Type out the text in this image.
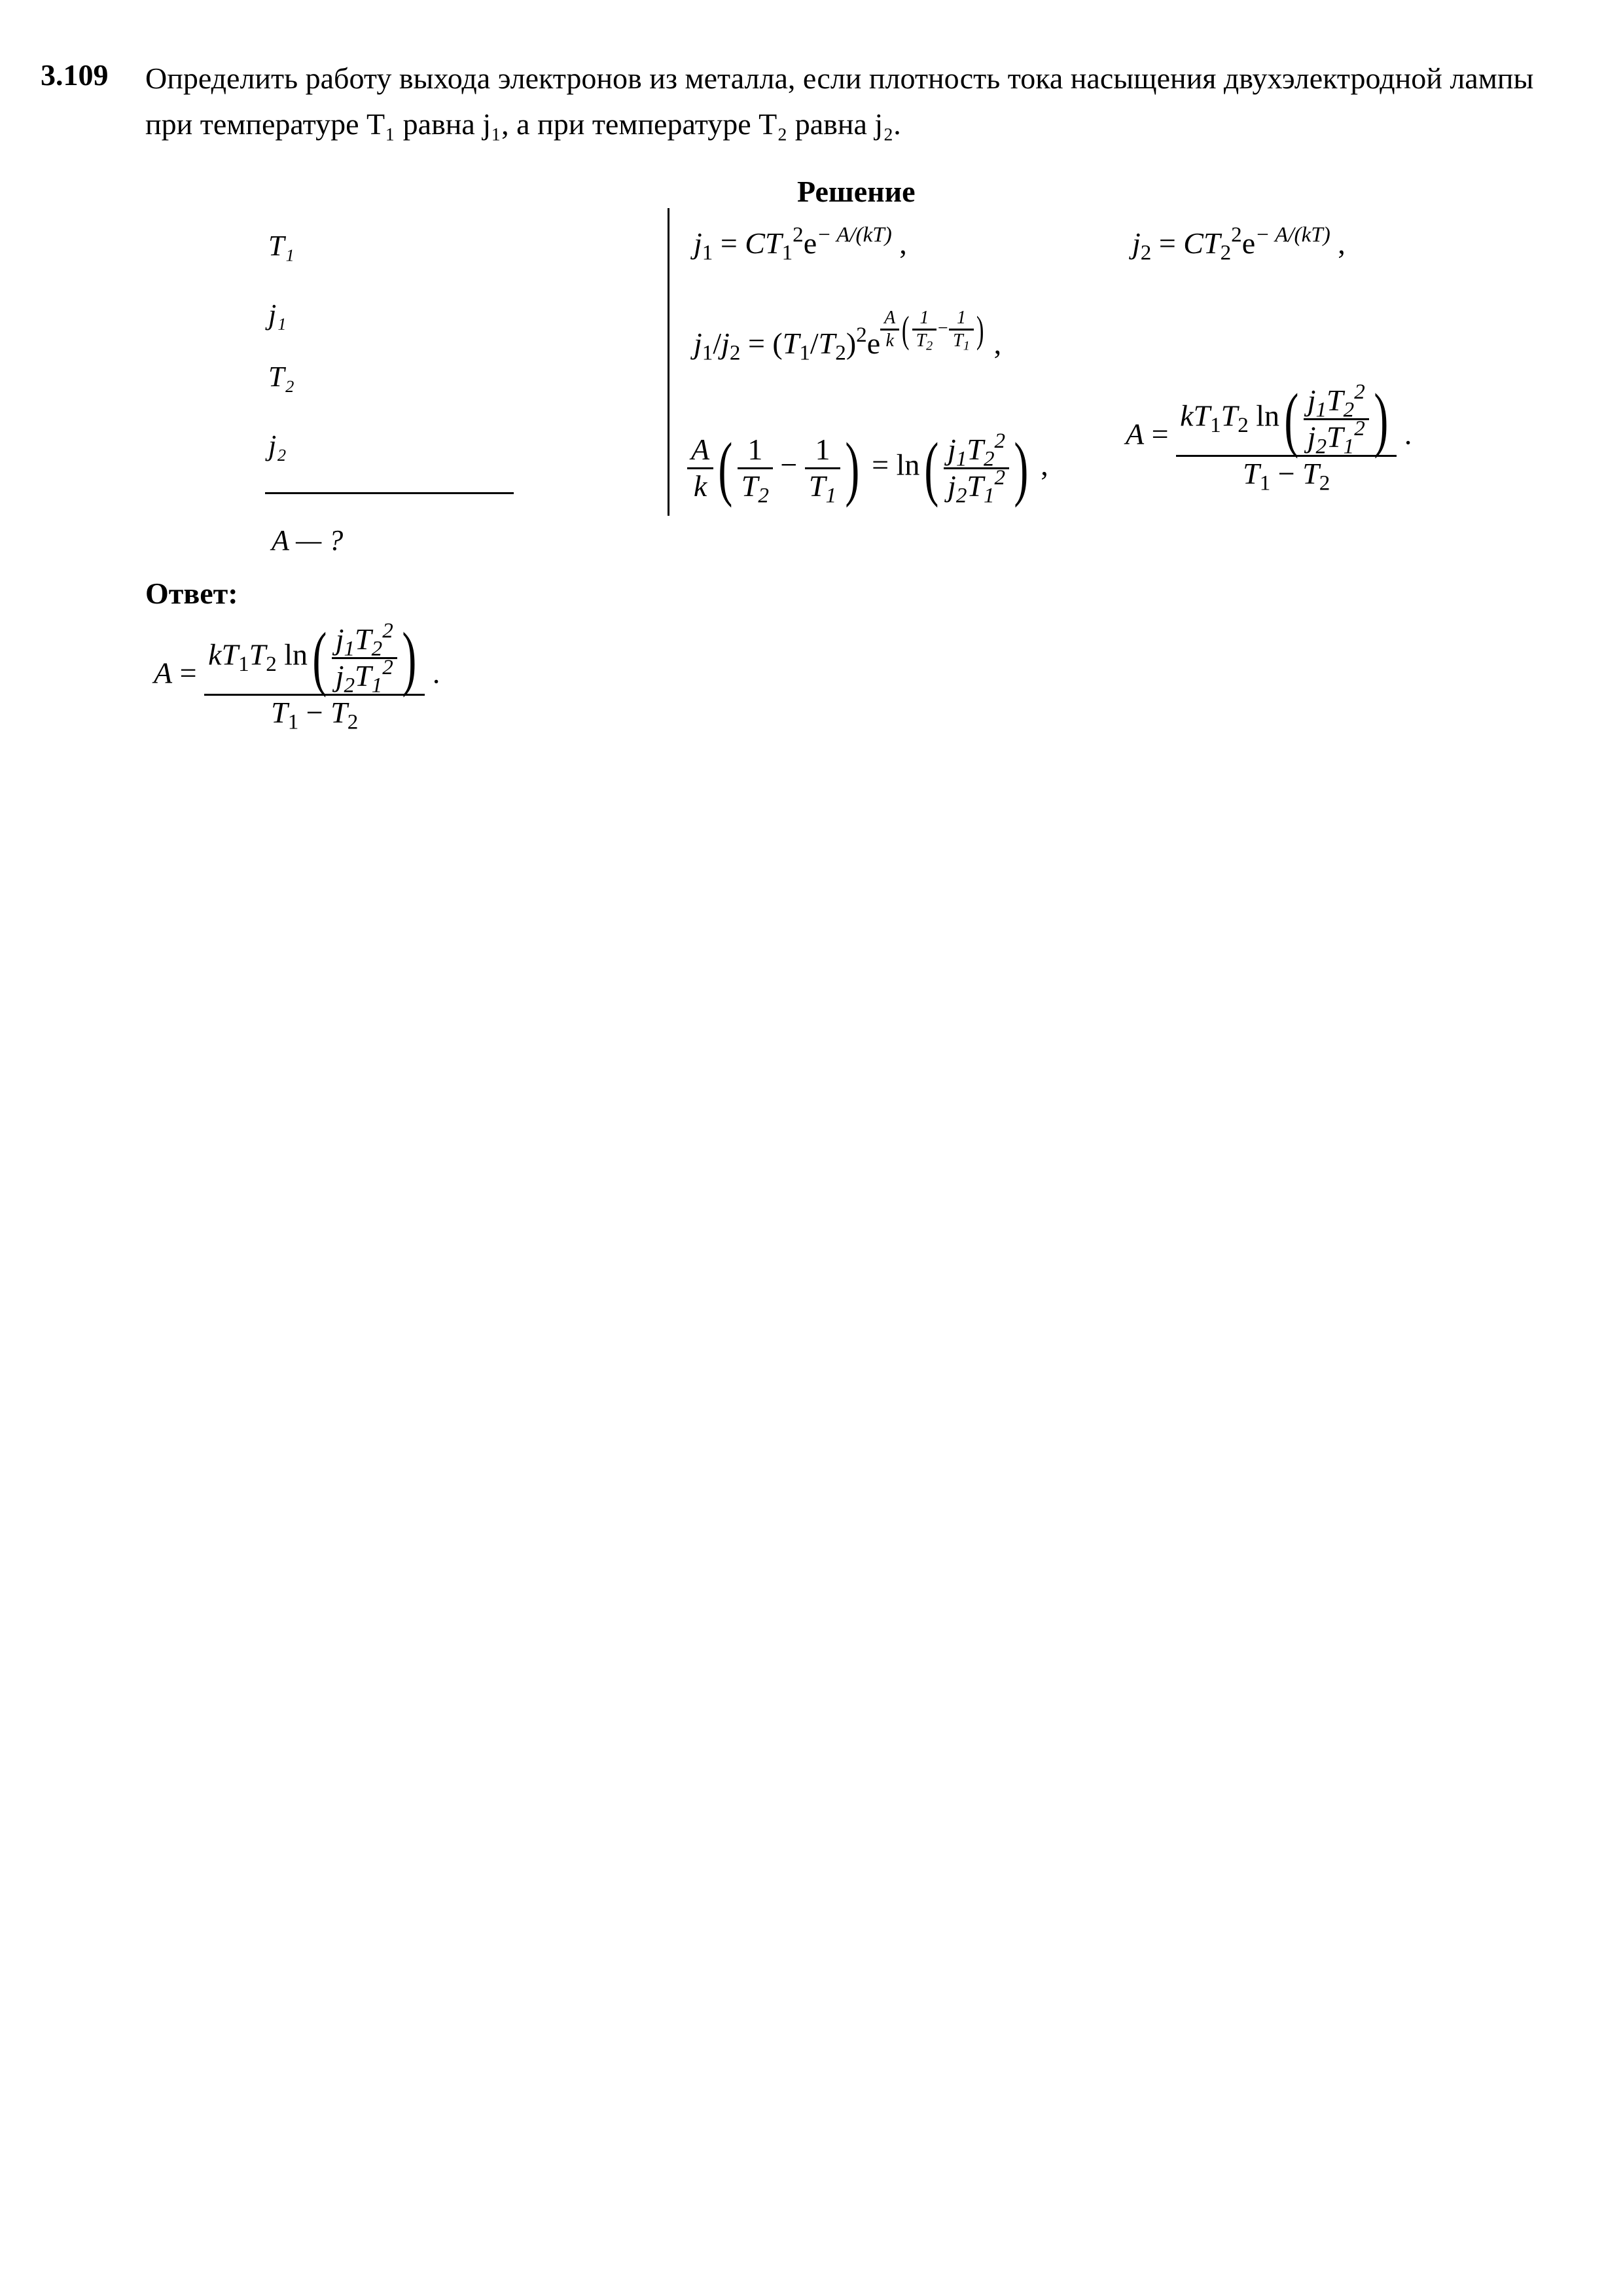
3.109 Определить работу выхода электронов из металла, если плотность тока насыщения двухэлектродной лампы при температуре T₁ равна j₁, а при температуре T₂ равна j₂.
Решение
T₁
j₁
T₂
j₂
A — ?
$j_1 = CT_1^2e^{- A/(kT)}$ ,	$j_2 = CT_2^2e^{- A/(kT)}$ ,
$j_1/j_2 = (T_1/T_2)^2e \frac{A}{k}$ ( $\frac{1}{T_2} - \frac{1}{T_1}$ ) ,
$\frac{A}{k}$ ( $\frac{1}{T_2} - \frac{1}{T_1}$ ) = $\ln( \frac{j_1T_2^2}{j_2T_1^2}$ ) ,
$A = \frac{kT_1T_2 \ln( \frac{j_1T_2^2}{j_2T_1^2} )}{T_1 - T_2}$ .
Ответ:
$A = \frac{kT_1T_2 \ln( \frac{j_1T_2^2}{j_2T_1^2} )}{T_1 - T_2}$ .
